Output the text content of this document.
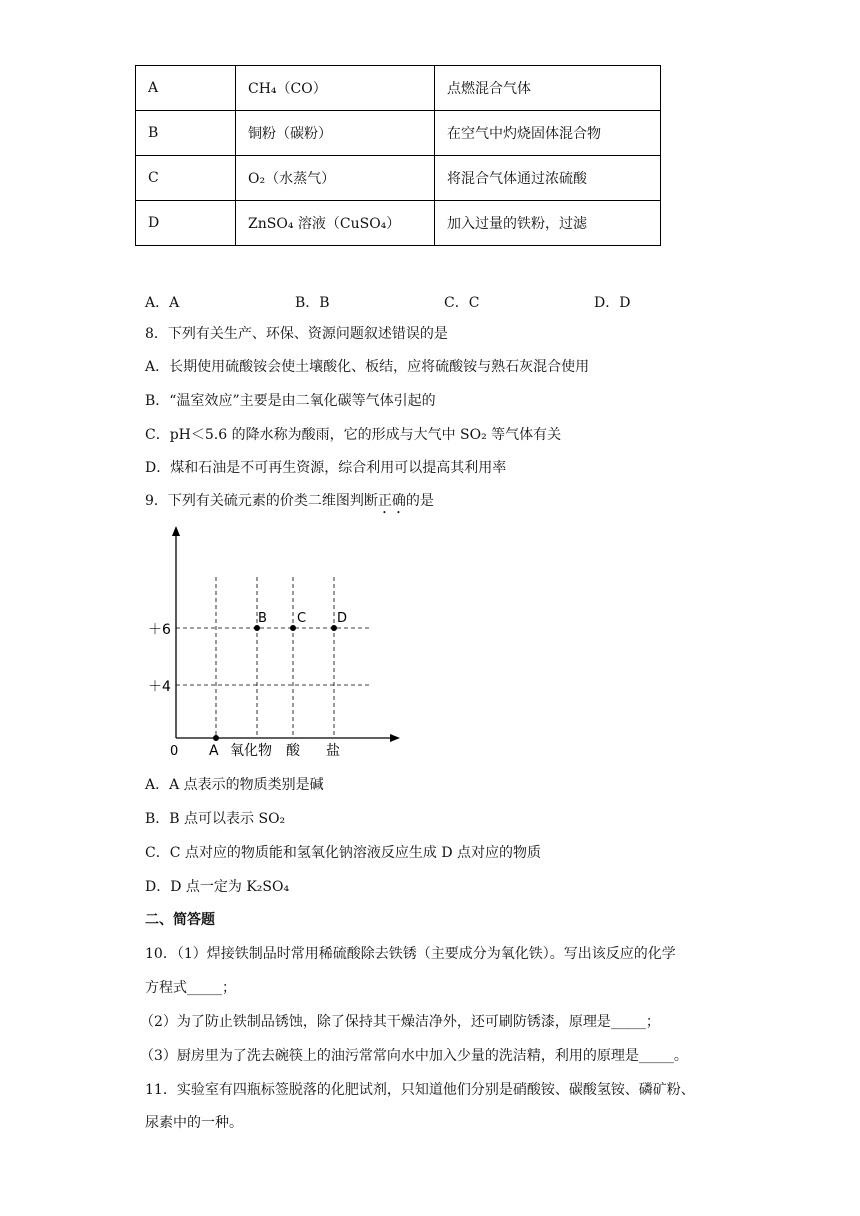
A	CH₄（CO）	点燃混合气体
B	铜粉（碳粉）	在空气中灼烧固体混合物
C	O₂（水蒸气）	将混合气体通过浓硫酸
D	ZnSO₄ 溶液（CuSO₄）	加入过量的铁粉，过滤
A．A	B．B	C．C	D．D
8．下列有关生产、环保、资源问题叙述错误的是
A．长期使用硫酸铵会使土壤酸化、板结，应将硫酸铵与熟石灰混合使用
B．“温室效应”主要是由二氧化碳等气体引起的
C．pH＜5.6 的降水称为酸雨，它的形成与大气中 SO₂ 等气体有关
D．煤和石油是不可再生资源，综合利用可以提高其利用率
9．下列有关硫元素的价类二维图判断正确的是
＋6
＋4
0
B C D
A 氧化物 酸 盐
A．A 点表示的物质类别是碱
B．B 点可以表示 SO₂
C．C 点对应的物质能和氢氧化钠溶液反应生成 D 点对应的物质
D．D 点一定为 K₂SO₄
二、简答题
10．（1）焊接铁制品时常用稀硫酸除去铁锈（主要成分为氧化铁）。写出该反应的化学
方程式_____；
（2）为了防止铁制品锈蚀，除了保持其干燥洁净外，还可刷防锈漆，原理是_____；
（3）厨房里为了洗去碗筷上的油污常常向水中加入少量的洗洁精，利用的原理是_____。
11．实验室有四瓶标签脱落的化肥试剂，只知道他们分别是硝酸铵、碳酸氢铵、磷矿粉、
尿素中的一种。
